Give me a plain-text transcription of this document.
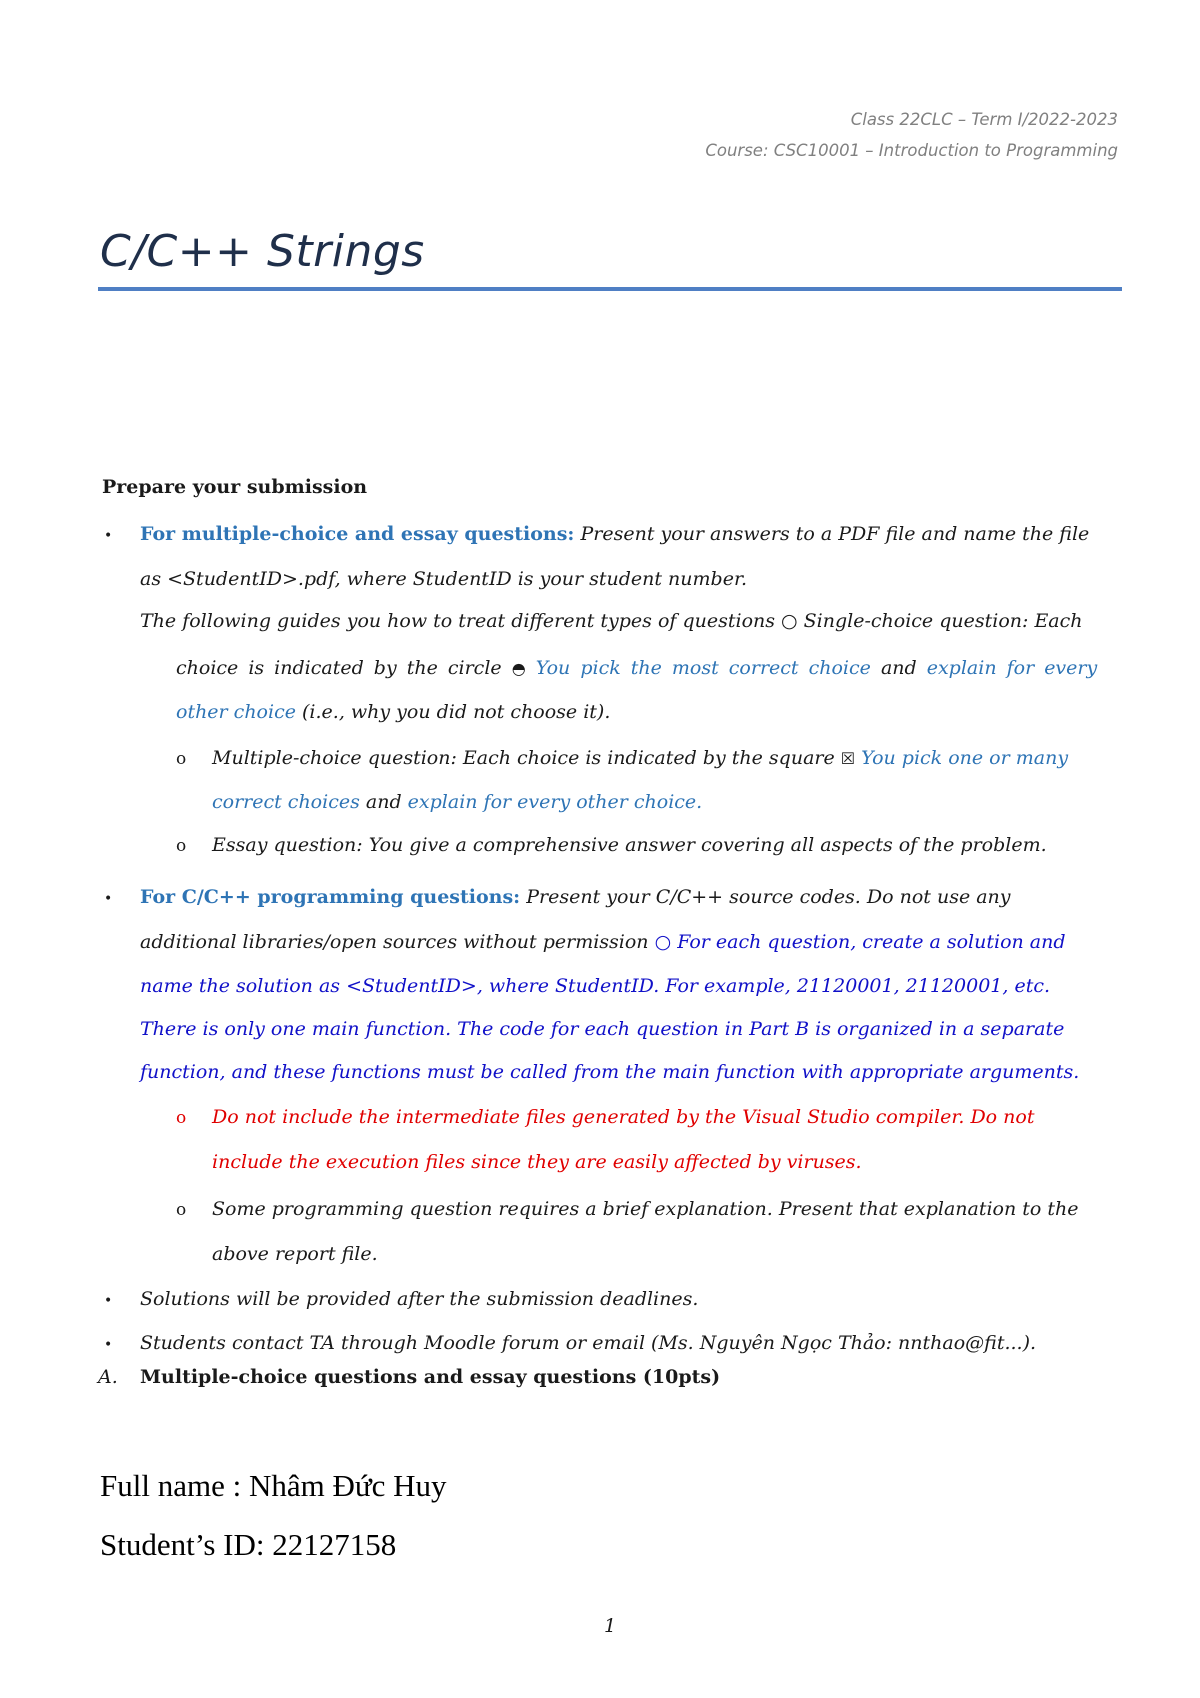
Class 22CLC – Term I/2022-2023
Course: CSC10001 – Introduction to Programming
C/C++ Strings
Prepare your submission
• For multiple-choice and essay questions: Present your answers to a PDF file and name the file
as <StudentID>.pdf, where StudentID is your student number.
The following guides you how to treat different types of questions ○ Single-choice question: Each
choice is indicated by the circle ◓ You pick the most correct choice and explain for every
other choice (i.e., why you did not choose it).
o Multiple-choice question: Each choice is indicated by the square ☒ You pick one or many
correct choices and explain for every other choice.
o Essay question: You give a comprehensive answer covering all aspects of the problem.
• For C/C++ programming questions: Present your C/C++ source codes. Do not use any
additional libraries/open sources without permission ○ For each question, create a solution and
name the solution as <StudentID>, where StudentID. For example, 21120001, 21120001, etc.
There is only one main function. The code for each question in Part B is organized in a separate
function, and these functions must be called from the main function with appropriate arguments.
o Do not include the intermediate files generated by the Visual Studio compiler. Do not
include the execution files since they are easily affected by viruses.
o Some programming question requires a brief explanation. Present that explanation to the
above report file.
• Solutions will be provided after the submission deadlines.
• Students contact TA through Moodle forum or email (Ms. Nguyên Ngọc Thảo: nnthao@fit...).
A. Multiple-choice questions and essay questions (10pts)
Full name : Nhâm Đức Huy
Student’s ID: 22127158
1
